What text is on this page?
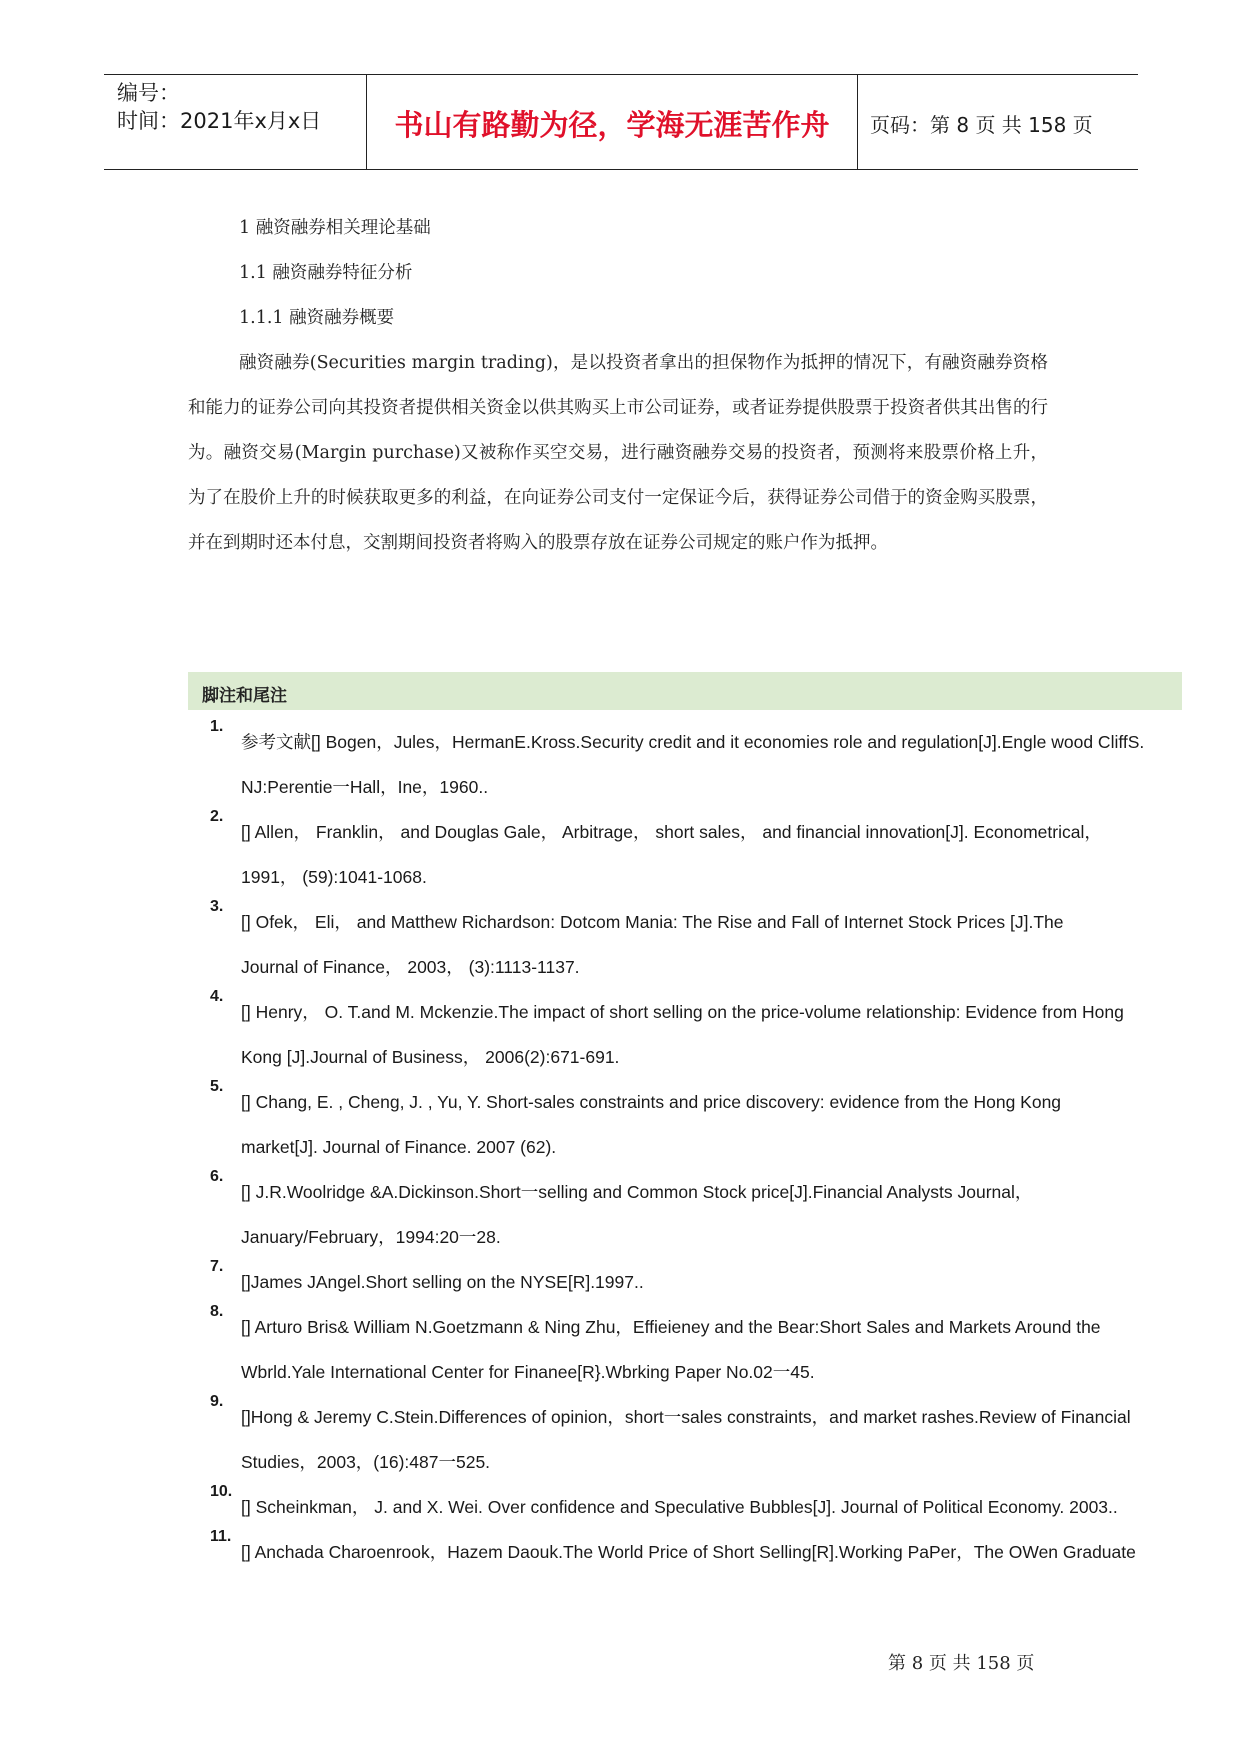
编号：
时间：2021年x月x日	书山有路勤为径，学海无涯苦作舟	页码：第 8 页 共 158 页
1 融资融券相关理论基础
1.1 融资融券特征分析
1.1.1 融资融券概要
融资融券(Securities margin trading)，是以投资者拿出的担保物作为抵押的情况下，有融资融券资格和能力的证券公司向其投资者提供相关资金以供其购买上市公司证券，或者证券提供股票于投资者供其出售的行为。融资交易(Margin purchase)又被称作买空交易，进行融资融券交易的投资者，预测将来股票价格上升，为了在股价上升的时候获取更多的利益，在向证券公司支付一定保证今后，获得证券公司借于的资金购买股票，并在到期时还本付息，交割期间投资者将购入的股票存放在证券公司规定的账户作为抵押。
脚注和尾注
1.
参考文献[] Bogen，Jules，HermanE.Kross.Security credit and it economies role and regulation[J].Engle wood CliffS.
NJ:Perentie一Hall，Ine，1960..
2.
[] Allen， Franklin， and Douglas Gale， Arbitrage， short sales， and financial innovation[J]. Econometrical，
1991， (59):1041-1068.
3.
[] Ofek， Eli， and Matthew Richardson: Dotcom Mania: The Rise and Fall of Internet Stock Prices [J].The
Journal of Finance， 2003， (3):1113-1137.
4.
[] Henry， O. T.and M. Mckenzie.The impact of short selling on the price-volume relationship: Evidence from Hong
Kong [J].Journal of Business， 2006(2):671-691.
5.
[] Chang, E. , Cheng, J. , Yu, Y. Short-sales constraints and price discovery: evidence from the Hong Kong
market[J]. Journal of Finance. 2007 (62).
6.
[] J.R.Woolridge &A.Dickinson.Short一selling and Common Stock price[J].Financial Analysts Journal，
January/February，1994:20一28.
7.
[]James JAngel.Short selling on the NYSE[R].1997..
8.
[] Arturo Bris& William N.Goetzmann & Ning Zhu，Effieieney and the Bear:Short Sales and Markets Around the
Wbrld.Yale International Center for Finanee[R}.Wbrking Paper No.02一45.
9.
[]Hong & Jeremy C.Stein.Differences of opinion，short一sales constraints，and market rashes.Review of Financial
Studies，2003，(16):487一525.
10.
[] Scheinkman， J. and X. Wei. Over confidence and Speculative Bubbles[J]. Journal of Political Economy. 2003..
11.
[] Anchada Charoenrook，Hazem Daouk.The World Price of Short Selling[R].Working PaPer，The OWen Graduate
第 8 页 共 158 页
